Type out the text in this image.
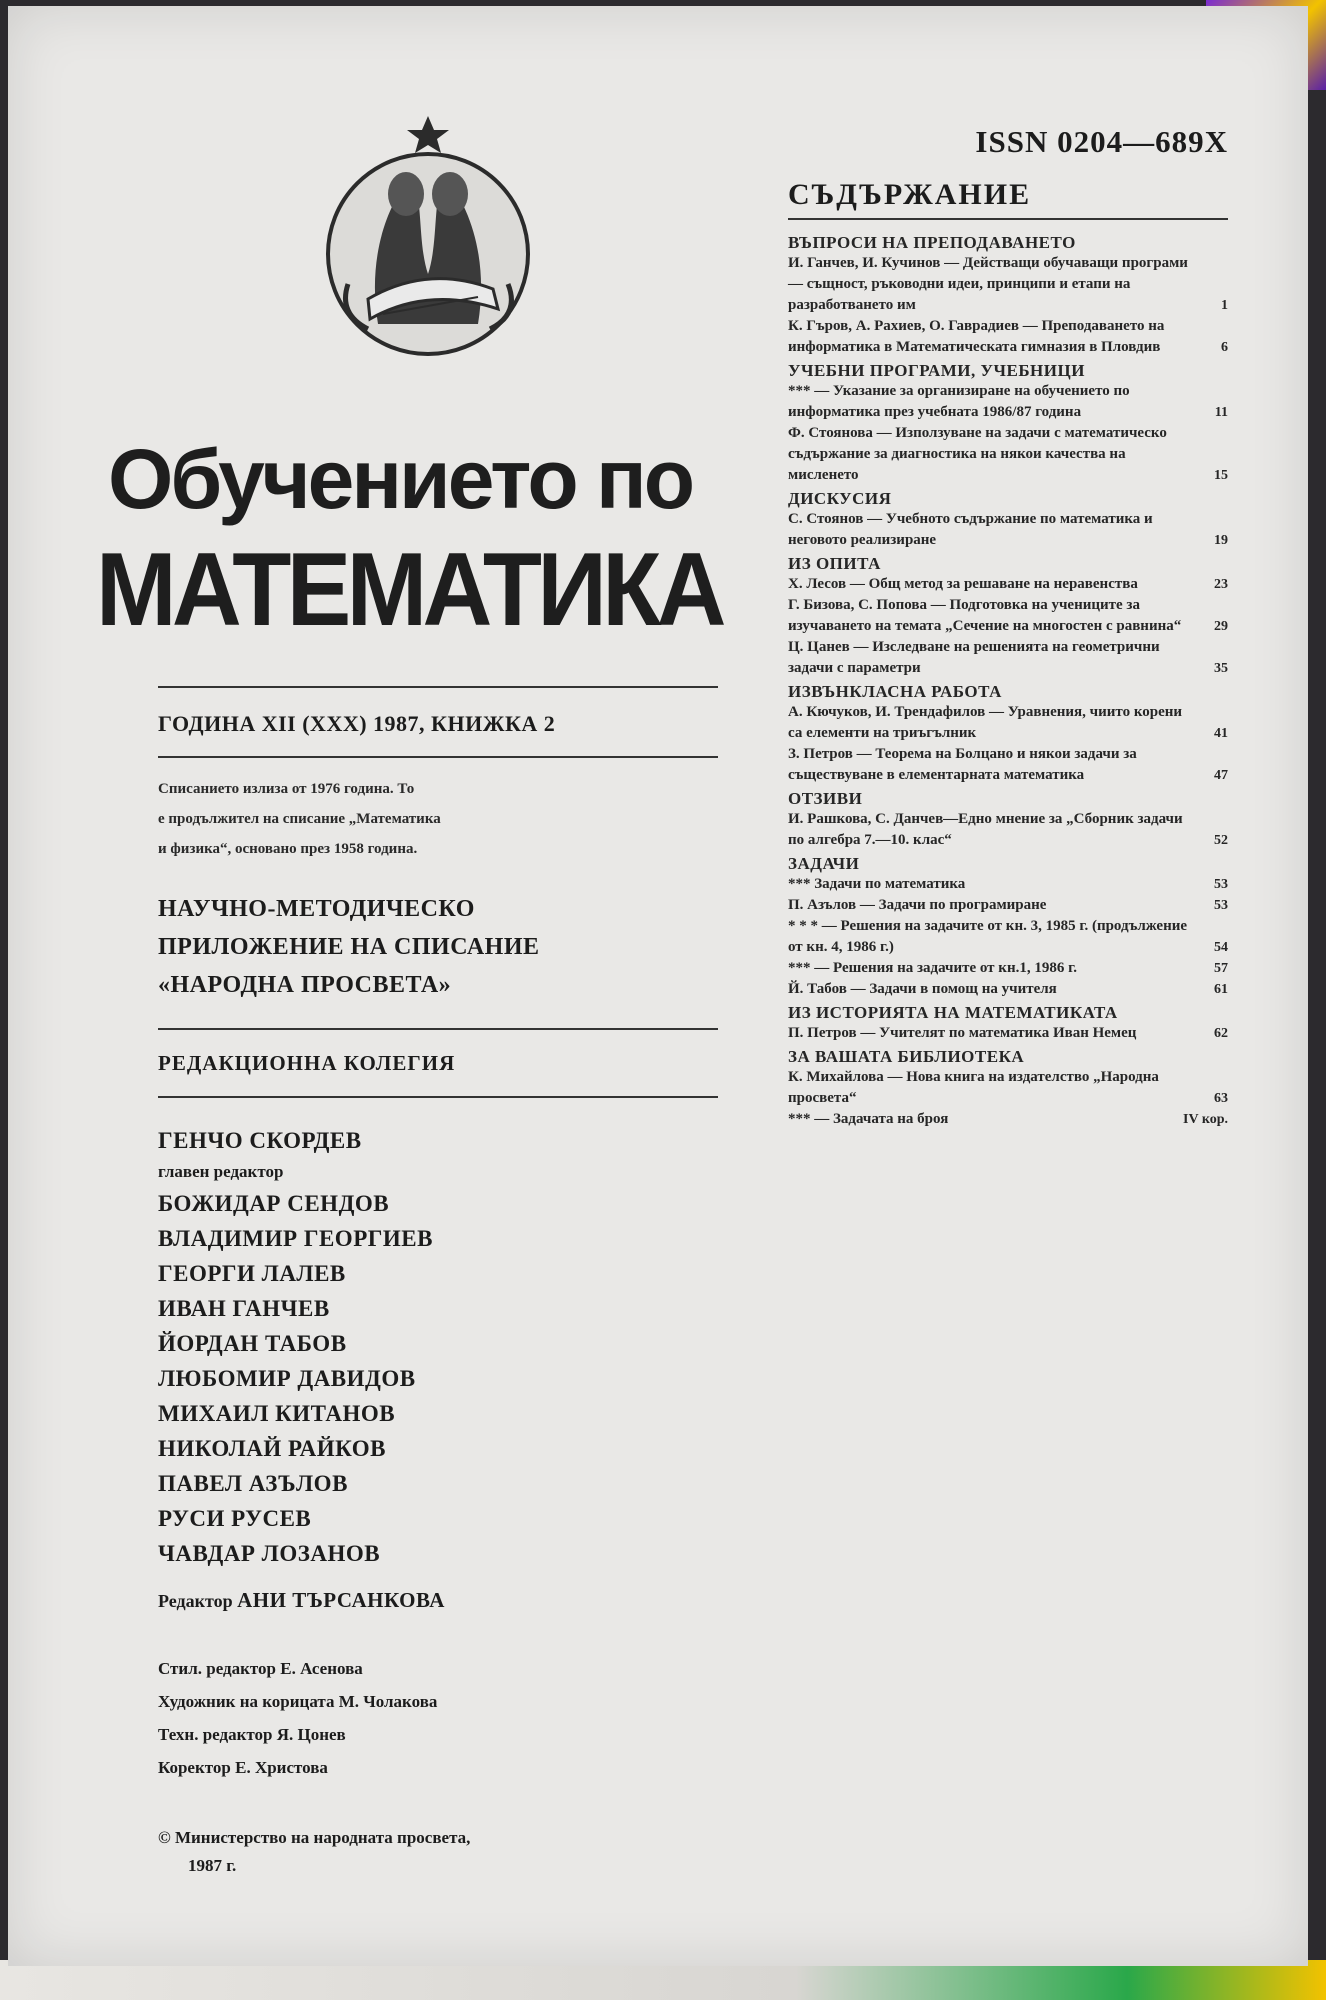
Обучението по
МАТЕМАТИКА
ГОДИНА XII (XXX) 1987, КНИЖКА 2
Списанието излиза от 1976 година. То
е продължител на списание „Математика
и физика“, основано през 1958 година.
НАУЧНО-МЕТОДИЧЕСКО
ПРИЛОЖЕНИЕ НА СПИСАНИЕ
«НАРОДНА ПРОСВЕТА»
РЕДАКЦИОННА КОЛЕГИЯ
ГЕНЧО СКОРДЕВ
главен редактор
БОЖИДАР СЕНДОВ
ВЛАДИМИР ГЕОРГИЕВ
ГЕОРГИ ЛАЛЕВ
ИВАН ГАНЧЕВ
ЙОРДАН ТАБОВ
ЛЮБОМИР ДАВИДОВ
МИХАИЛ КИТАНОВ
НИКОЛАЙ РАЙКОВ
ПАВЕЛ АЗЪЛОВ
РУСИ РУСЕВ
ЧАВДАР ЛОЗАНОВ
Редактор АНИ ТЪРСАНКОВА
Стил. редактор Е. Асенова
Художник на корицата М. Чолакова
Техн. редактор Я. Цонев
Коректор Е. Христова
© Министерство на народната просвета,
1987 г.
ISSN 0204—689X
СЪДЪРЖАНИЕ
ВЪПРОСИ НА ПРЕПОДАВАНЕТО
И. Ганчев, И. Кучинов — Действащи обучаващи програми — същност, ръководни идеи, принципи и етапи на разработването им	1
К. Гъров, А. Рахиев, О. Гаврадиев — Преподаването на информатика в Математическата гимназия в Пловдив	6
УЧЕБНИ ПРОГРАМИ, УЧЕБНИЦИ
*** — Указание за организиране на обучението по информатика през учебната 1986/87 година	11
Ф. Стоянова — Използуване на задачи с математическо съдържание за диагностика на някои качества на мисленето	15
ДИСКУСИЯ
С. Стоянов — Учебното съдържание по математика и неговото реализиране	19
ИЗ ОПИТА
Х. Лесов — Общ метод за решаване на неравенства	23
Г. Бизова, С. Попова — Подготовка на учениците за изучаването на темата „Сечение на многостен с равнина“	29
Ц. Цанев — Изследване на решенията на геометрични задачи с параметри	35
ИЗВЪНКЛАСНА РАБОТА
А. Кючуков, И. Трендафилов — Уравнения, чиито корени са елементи на триъгълник	41
З. Петров — Теорема на Болцано и някои задачи за съществуване в елементарната математика	47
ОТЗИВИ
И. Рашкова, С. Данчев—Едно мнение за „Сборник задачи по алгебра 7.—10. клас“	52
ЗАДАЧИ
*** Задачи по математика	53
П. Азълов — Задачи по програмиране	53
* * * — Решения на задачите от кн. 3, 1985 г. (продължение от кн. 4, 1986 г.)	54
*** — Решения на задачите от кн.1, 1986 г.	57
Й. Табов — Задачи в помощ на учителя	61
ИЗ ИСТОРИЯТА НА МАТЕМАТИКАТА
П. Петров — Учителят по математика Иван Немец	62
ЗА ВАШАТА БИБЛИОТЕКА
К. Михайлова — Нова книга на издателство „Народна просвета“	63
*** — Задачата на броя	IV кор.
